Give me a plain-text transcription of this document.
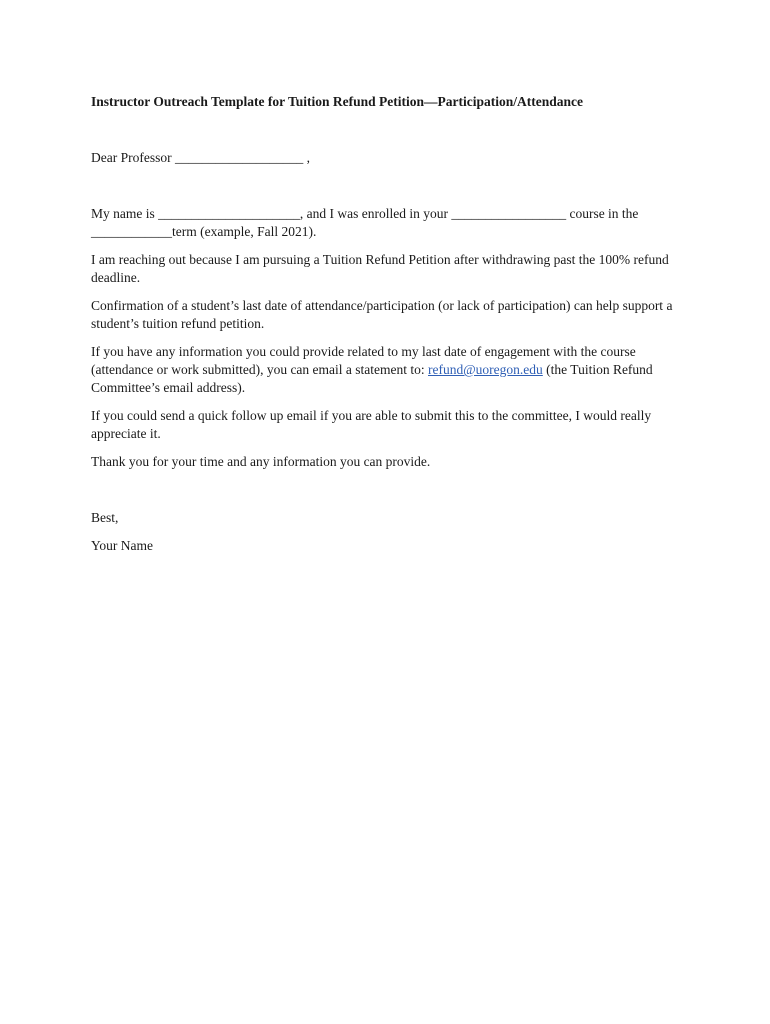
Instructor Outreach Template for Tuition Refund Petition—Participation/Attendance
Dear Professor ___________________ ,

My name is _____________________, and I was enrolled in your _________________ course in the ____________term (example, Fall 2021).

I am reaching out because I am pursuing a Tuition Refund Petition after withdrawing past the 100% refund deadline.

Confirmation of a student’s last date of attendance/participation (or lack of participation) can help support a student’s tuition refund petition.

If you have any information you could provide related to my last date of engagement with the course (attendance or work submitted), you can email a statement to: refund@uoregon.edu (the Tuition Refund Committee’s email address).

If you could send a quick follow up email if you are able to submit this to the committee, I would really appreciate it.

Thank you for your time and any information you can provide.

Best,

Your Name
